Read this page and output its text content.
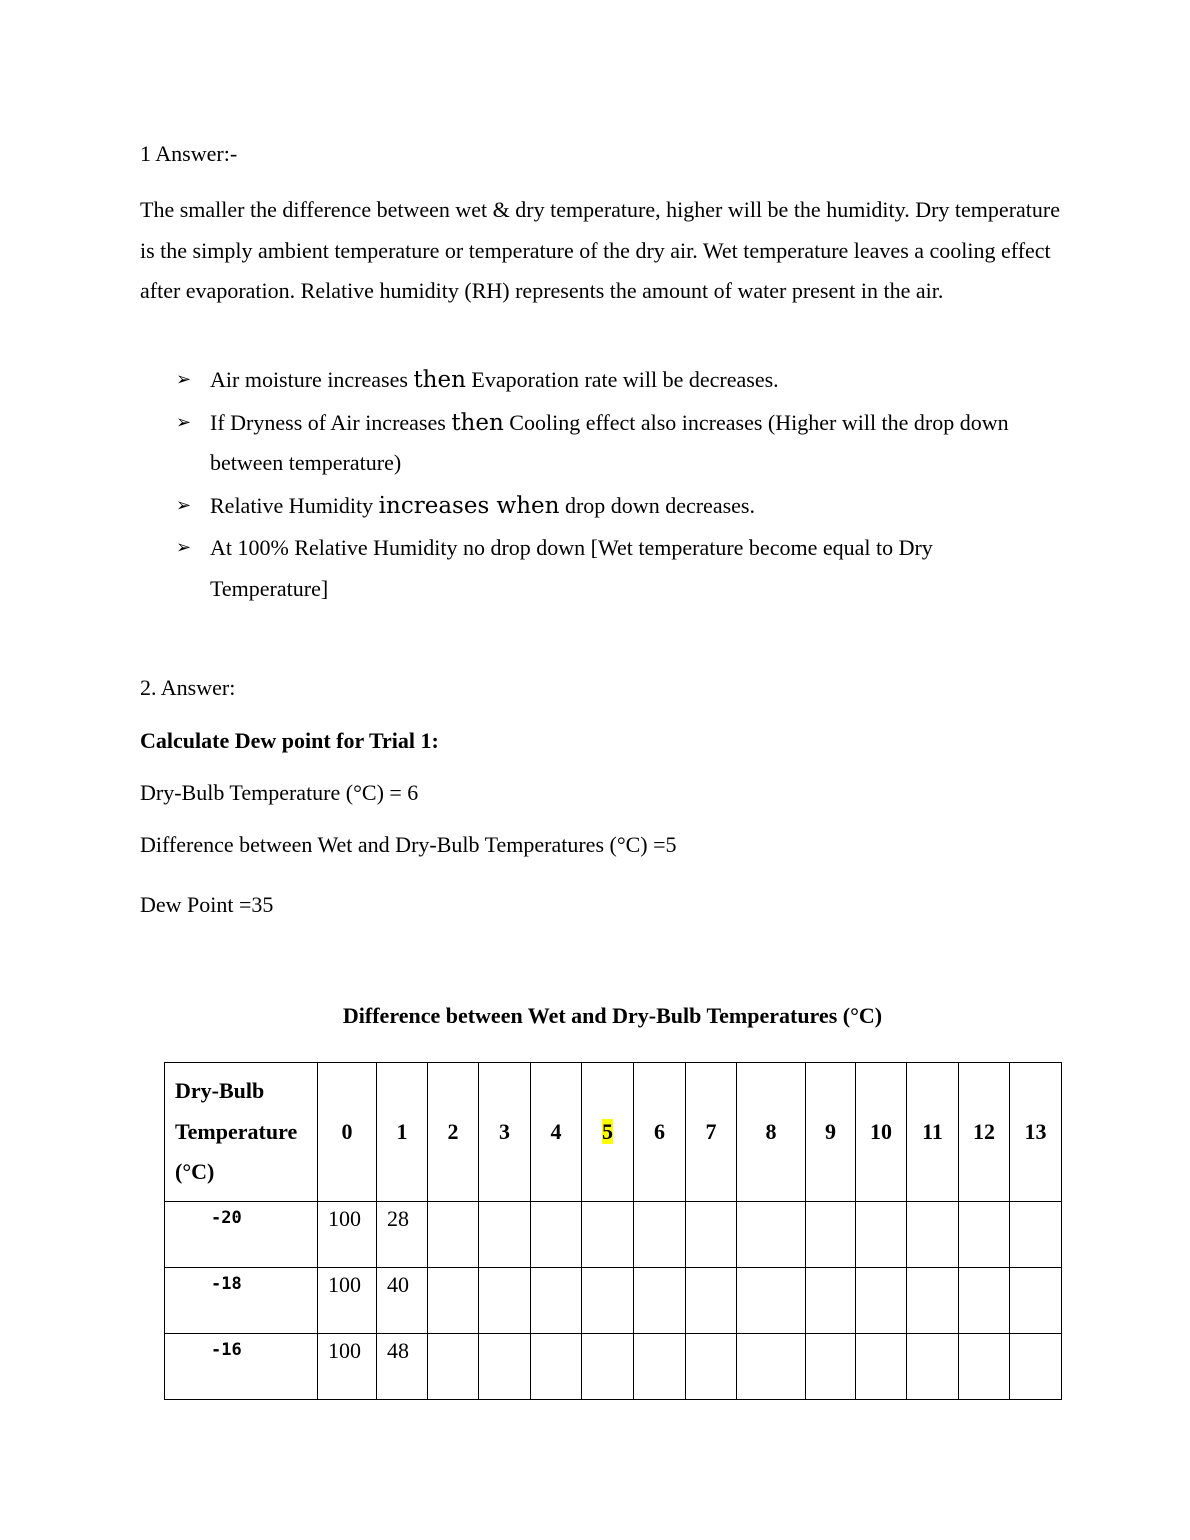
1 Answer:-

The smaller the difference between wet & dry temperature, higher will be the humidity. Dry temperature is the simply ambient temperature or temperature of the dry air. Wet temperature leaves a cooling effect after evaporation. Relative humidity (RH) represents the amount of water present in the air.

➢ Air moisture increases then Evaporation rate will be decreases.
➢ If Dryness of Air increases then Cooling effect also increases (Higher will the drop down between temperature)
➢ Relative Humidity increases when drop down decreases.
➢ At 100% Relative Humidity no drop down [Wet temperature become equal to Dry Temperature]

2. Answer:

Calculate Dew point for Trial 1:

Dry-Bulb Temperature (°C) = 6

Difference between Wet and Dry-Bulb Temperatures (°C) =5

Dew Point =35

Difference between Wet and Dry-Bulb Temperatures (°C)

Dry-Bulb
Temperature
(°C)	0	1	2	3	4	5	6	7	8	9	10	11	12	13
-20	100	28												
-18	100	40												
-16	100	48												
